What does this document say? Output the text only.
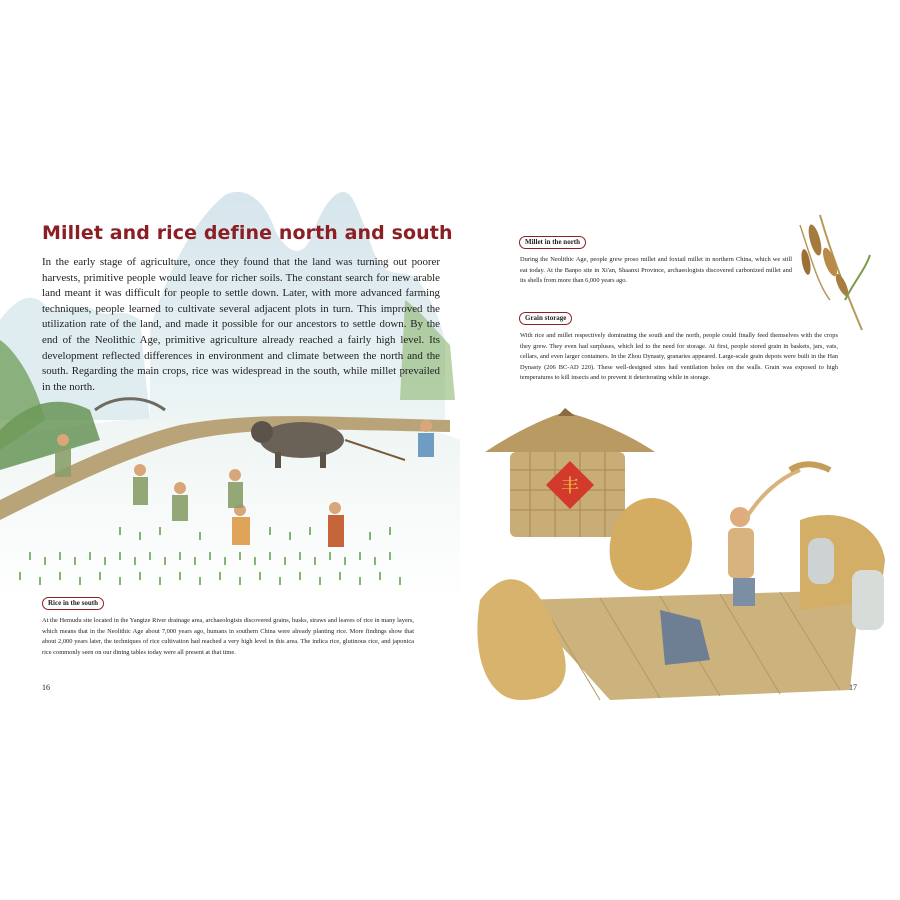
丰
Millet and rice define north and south
In the early stage of agriculture, once they found that the land was turning out poorer harvests, primitive people would leave for richer soils. The constant search for new arable land meant it was difficult for people to settle down. Later, with more advanced farming techniques, people learned to cultivate several adjacent plots in turn. This improved the utilization rate of the land, and made it possible for our ancestors to settle down. By the end of the Neolithic Age, primitive agriculture already reached a fairly high level. Its development reflected differences in environment and climate between the north and the south. Regarding the main crops, rice was widespread in the south, while millet prevailed in the north.
Rice in the south
At the Hemudu site located in the Yangtze River drainage area, archaeologists discovered grains, husks, straws and leaves of rice in many layers, which means that in the Neolithic Age about 7,000 years ago, humans in southern China were already planting rice. More findings show that about 2,000 years later, the techniques of rice cultivation had reached a very high level in this area. The indica rice, glutinous rice, and japonica rice commonly seen on our dining tables today were all present at that time.
16
Millet in the north
During the Neolithic Age, people grew proso millet and foxtail millet in northern China, which we still eat today. At the Banpo site in Xi'an, Shaanxi Province, archaeologists discovered carbonized millet and its shells from more than 6,000 years ago.
Grain storage
With rice and millet respectively dominating the south and the north, people could finally feed themselves with the crops they grew. They even had surpluses, which led to the need for storage. At first, people stored grain in baskets, jars, vats, cellars, and even larger containers. In the Zhou Dynasty, granaries appeared. Large-scale grain depots were built in the Han Dynasty (206 BC-AD 220). These well-designed sites had ventilation holes on the walls. Grain was exposed to high temperatures to kill insects and to prevent it deteriorating while in storage.
17
